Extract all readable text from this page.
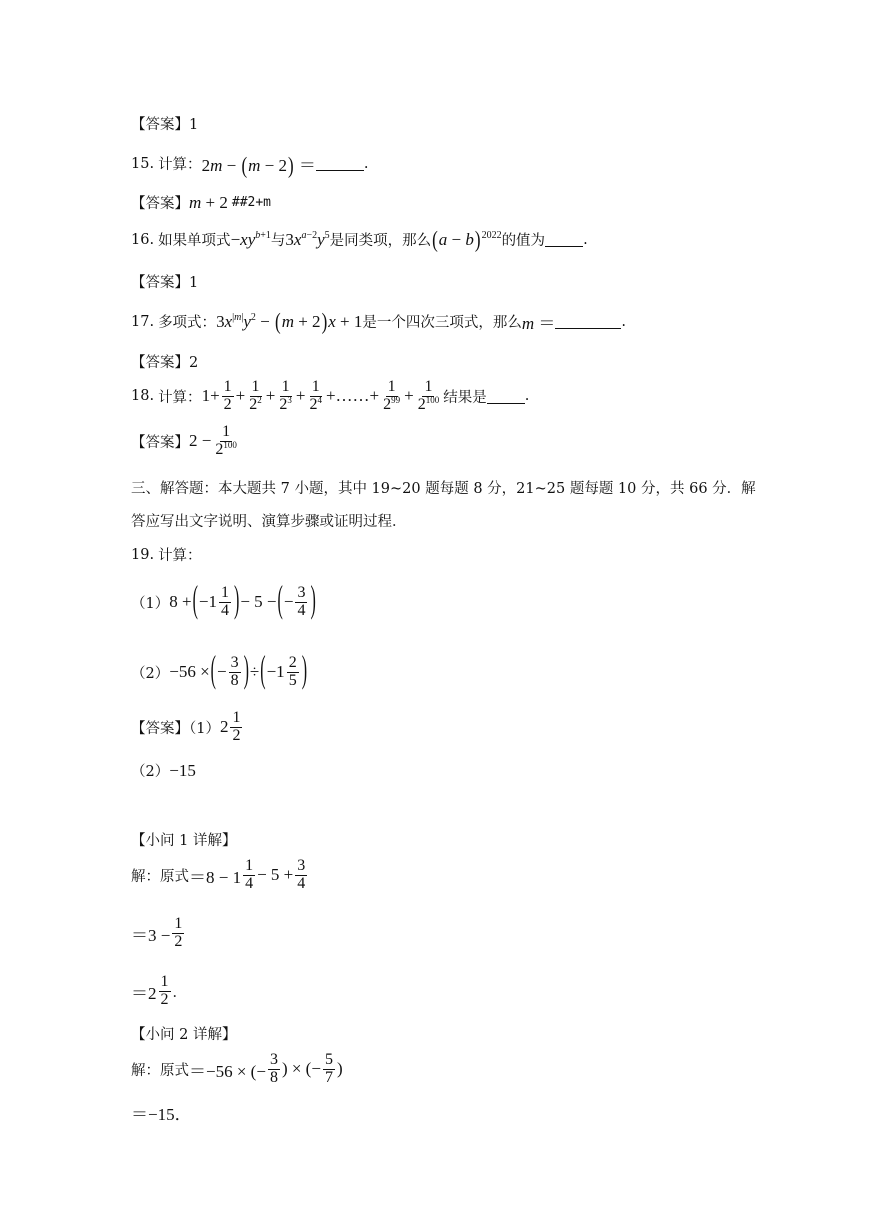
【答案】1
15. 计算： 2m − (m − 2) ＝	.
【答案】 m + 2 ##2+m
16. 如果单项式 $-xy^{b+1}$ 与 $3x^{a-2}y^5$ 是同类项，那么 $(a - b)^{2022}$ 的值为	.
【答案】1
17. 多项式： $3x^{|m|}y^2 - (m + 2)x + 1$ 是一个四次三项式，那么 m ＝	.
【答案】2
18. 计算： $1+ \frac{1}{2} + \frac{1}{2^2} + \frac{1}{2^3} + \frac{1}{2^4}$ +……+ $\frac{1}{2^{99}} + \frac{1}{2^{100}}$ 结果是	.
【答案】 $2 - \frac{1}{2^{100}}$
三、解答题：本大题共 7 小题，其中 19~20 题每题 8 分，21~25 题每题 10 分，共 66 分．解
答应写出文字说明、演算步骤或证明过程．
19. 计算：
（1） 8 + ( $-1 \frac{1}{4}$ ) − 5 − ( − $\frac{3}{4}$ )
（2） −56 × ( − $\frac{3}{8}$ ) ÷ ( $-1 \frac{2}{5}$ )
【答案】（1） $2 \frac{1}{2}$
（2） −15
【小问 1 详解】
解：原式 $=8 - 1 \frac{1}{4} - 5 + \frac{3}{4}$
$=3 - \frac{1}{2}$
$=2 \frac{1}{2}$ ．
【小问 2 详解】
解：原式 ＝−56 × (− $\frac{3}{8}$ ) × (− $\frac{5}{7}$ )
＝−15．
